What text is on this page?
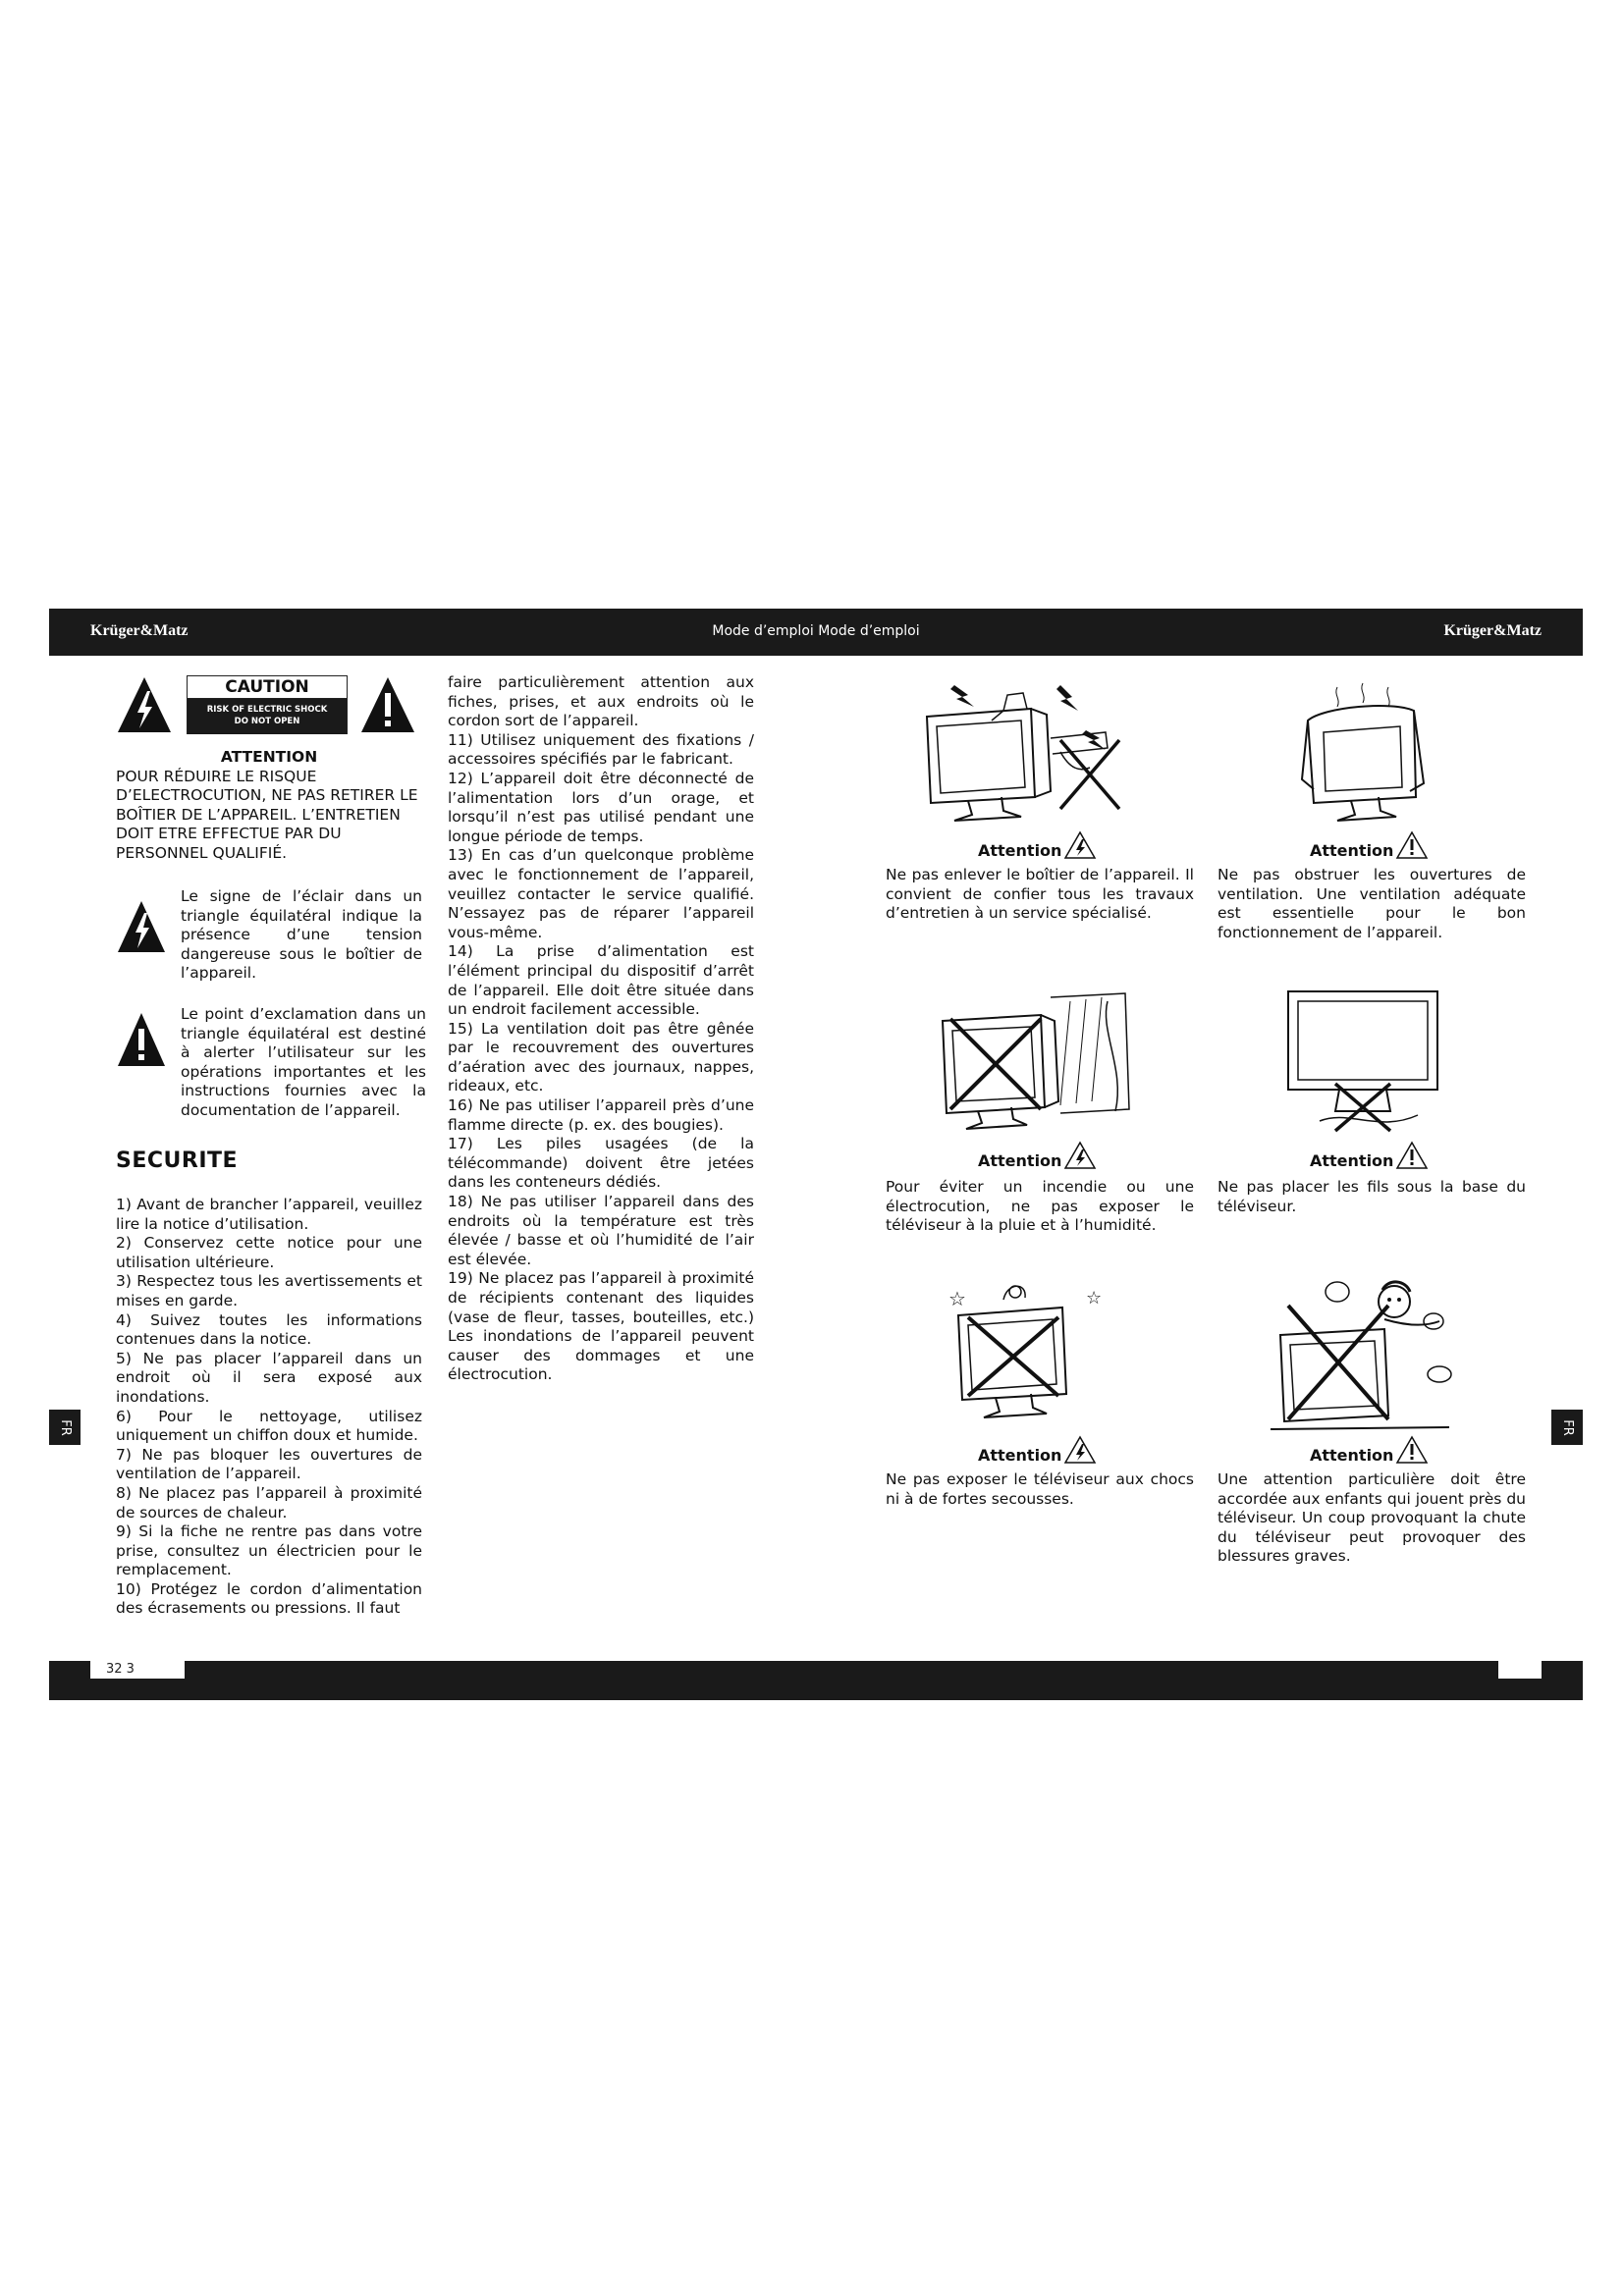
Krüger&Matz	Mode d’emploi Mode d’emploi	Krüger&Matz
CAUTION
RISK OF ELECTRIC SHOCK
DO NOT OPEN

ATTENTION

POUR RÉDUIRE LE RISQUE D’ELECTROCUTION, NE PAS RETIRER LE BOÎTIER DE L’APPAREIL. L’ENTRETIEN DOIT ETRE EFFECTUE PAR DU PERSONNEL QUALIFIÉ.

Le signe de l’éclair dans un triangle équilatéral indique la présence d’une tension dangereuse sous le boîtier de l’appareil.
Le point d’exclamation dans un triangle équilatéral est destiné à alerter l’utilisateur sur les opérations importantes et les instructions fournies avec la documentation de l’appareil.
SECURITE

1) Avant de brancher l’appareil, veuillez lire la notice d’utilisation.

2) Conservez cette notice pour une utilisation ultérieure.

3) Respectez tous les avertissements et mises en garde.

4) Suivez toutes les informations contenues dans la notice.

5) Ne pas placer l’appareil dans un endroit où il sera exposé aux inondations.

6) Pour le nettoyage, utilisez uniquement un chiffon doux et humide.

7) Ne pas bloquer les ouvertures de ventilation de l’appareil.

8) Ne placez pas l’appareil à proximité de sources de chaleur.

9) Si la fiche ne rentre pas dans votre prise, consultez un électricien pour le remplacement.

10) Protégez le cordon d’alimentation des écrasements ou pressions. Il faut

faire particulièrement attention aux fiches, prises, et aux endroits où le cordon sort de l’appareil.

11) Utilisez uniquement des fixations / accessoires spécifiés par le fabricant.

12) L’appareil doit être déconnecté de l’alimentation lors d’un orage, et lorsqu’il n’est pas utilisé pendant une longue période de temps.

13) En cas d’un quelconque problème avec le fonctionnement de l’appareil, veuillez contacter le service qualifié. N’essayez pas de réparer l’appareil vous-même.

14) La prise d’alimentation est l’élément principal du dispositif d’arrêt de l’appareil. Elle doit être située dans un endroit facilement accessible.

15) La ventilation doit pas être gênée par le recouvrement des ouvertures d’aération avec des journaux, nappes, rideaux, etc.

16) Ne pas utiliser l’appareil près d’une flamme directe (p. ex. des bougies).

17) Les piles usagées (de la télécommande) doivent être jetées dans les conteneurs dédiés.

18) Ne pas utiliser l’appareil dans des endroits où la température est très élevée / basse et où l’humidité de l’air est élevée.

19) Ne placez pas l’appareil à proximité de récipients contenant des liquides (vase de fleur, tasses, bouteilles, etc.) Les inondations de l’appareil peuvent causer des dommages et une électrocution.

FR	FR
Attention
Ne pas enlever le boîtier de l’appareil. Il convient de confier tous les travaux d’entretien à un service spécialisé.
Attention
Ne pas obstruer les ouvertures de ventilation. Une ventilation adéquate est essentielle pour le bon fonctionnement de l’appareil.
Attention
Pour éviter un incendie ou une électrocution, ne pas exposer le téléviseur à la pluie et à l’humidité.
Attention
Ne pas placer les fils sous la base du téléviseur.
☆	☆
Attention
Ne pas exposer le téléviseur aux chocs ni à de fortes secousses.
Attention
Une attention particulière doit être accordée aux enfants qui jouent près du téléviseur. Un coup provoquant la chute du téléviseur peut provoquer des blessures graves.
32 3
